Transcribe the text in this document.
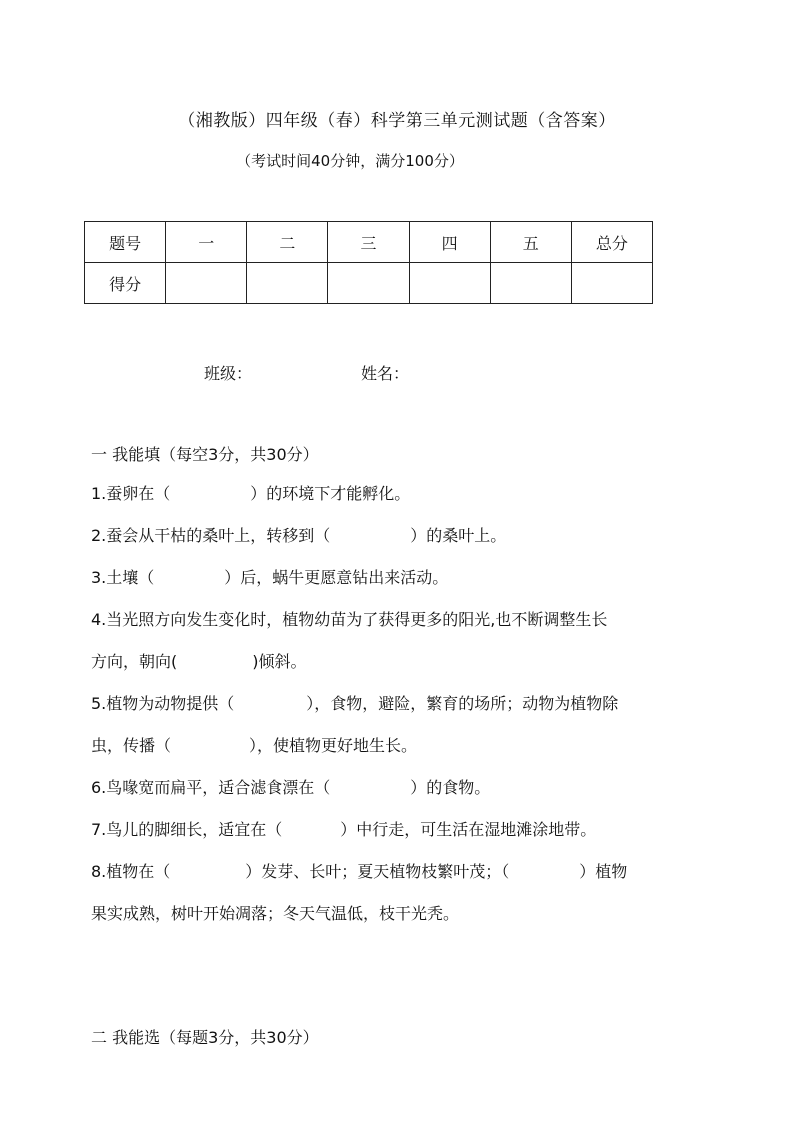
（湘教版）四年级（春）科学第三单元测试题（含答案）
（考试时间40分钟，满分100分）
题号	一	二	三	四	五	总分
得分						
班级：	姓名：
一 我能填（每空3分，共30分）
1.蚕卵在（	）的环境下才能孵化。
2.蚕会从干枯的桑叶上，转移到（	）的桑叶上。
3.土壤（	）后，蜗牛更愿意钻出来活动。
4.当光照方向发生变化时，植物幼苗为了获得更多的阳光,也不断调整生长
方向，朝向(	)倾斜。
5.植物为动物提供（	），食物，避险，繁育的场所；动物为植物除
虫，传播（	），使植物更好地生长。
6.鸟喙宽而扁平，适合滤食漂在（	）的食物。
7.鸟儿的脚细长，适宜在（	）中行走，可生活在湿地滩涂地带。
8.植物在（	）发芽、长叶；夏天植物枝繁叶茂；（	）植物
果实成熟，树叶开始凋落；冬天气温低，枝干光秃。
二 我能选（每题3分，共30分）
